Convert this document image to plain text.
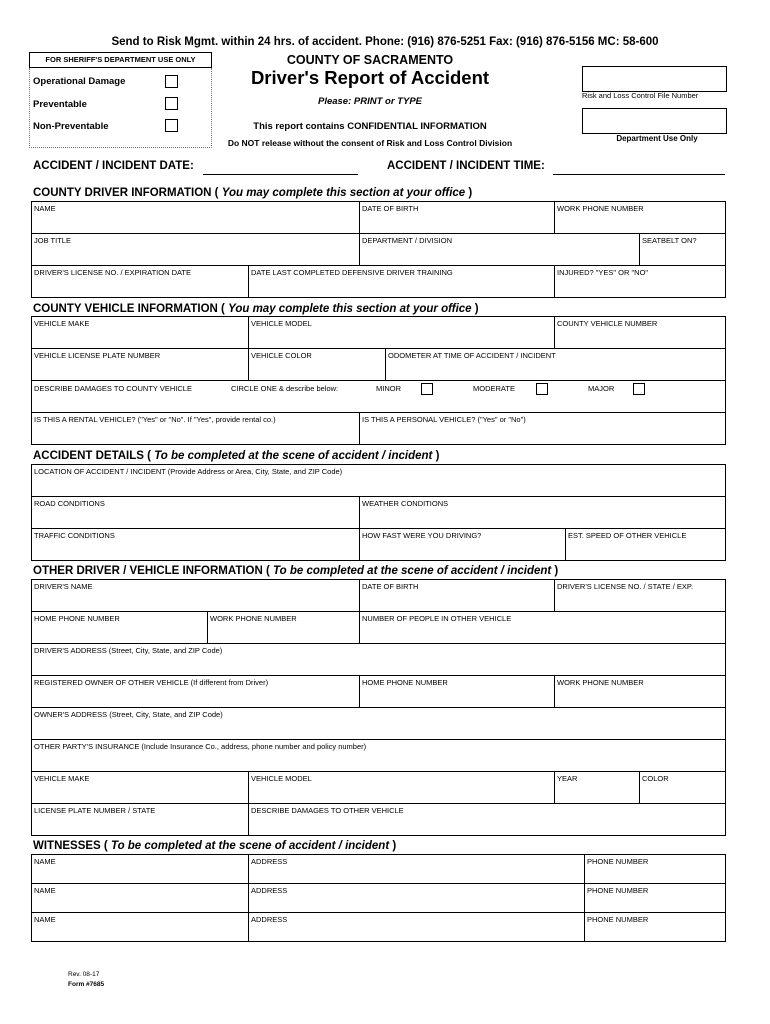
Send to Risk Mgmt. within 24 hrs. of accident. Phone: (916) 876-5251 Fax: (916) 876-5156 MC: 58-600
FOR SHERIFF'S DEPARTMENT USE ONLY
Operational Damage
Preventable
Non-Preventable
COUNTY OF SACRAMENTO
Driver's Report of Accident
Please: PRINT or TYPE
This report contains CONFIDENTIAL INFORMATION
Do NOT release without the consent of Risk and Loss Control Division
Risk and Loss Control File Number
Department Use Only
ACCIDENT / INCIDENT DATE:	ACCIDENT / INCIDENT TIME:
COUNTY DRIVER INFORMATION ( You may complete this section at your office )
NAME	DATE OF BIRTH	WORK PHONE NUMBER
JOB TITLE	DEPARTMENT / DIVISION	SEATBELT ON?
DRIVER'S LICENSE NO. / EXPIRATION DATE	DATE LAST COMPLETED DEFENSIVE DRIVER TRAINING	INJURED? "YES" OR "NO"
COUNTY VEHICLE INFORMATION ( You may complete this section at your office )
VEHICLE MAKE	VEHICLE MODEL	COUNTY VEHICLE NUMBER
VEHICLE LICENSE PLATE NUMBER	VEHICLE COLOR	ODOMETER AT TIME OF ACCIDENT / INCIDENT
DESCRIBE DAMAGES TO COUNTY VEHICLE	CIRCLE ONE & describe below:	MINOR	MODERATE	MAJOR
IS THIS A RENTAL VEHICLE? ("Yes" or "No". If "Yes", provide rental co.)	IS THIS A PERSONAL VEHICLE? ("Yes" or "No")
ACCIDENT DETAILS ( To be completed at the scene of accident / incident )
LOCATION OF ACCIDENT / INCIDENT (Provide Address or Area, City, State, and ZIP Code)
ROAD CONDITIONS	WEATHER CONDITIONS
TRAFFIC CONDITIONS	HOW FAST WERE YOU DRIVING?	EST. SPEED OF OTHER VEHICLE
OTHER DRIVER / VEHICLE INFORMATION ( To be completed at the scene of accident / incident )
DRIVER'S NAME	DATE OF BIRTH	DRIVER'S LICENSE NO. / STATE / EXP.
HOME PHONE NUMBER	WORK PHONE NUMBER	NUMBER OF PEOPLE IN OTHER VEHICLE
DRIVER'S ADDRESS (Street, City, State, and ZIP Code)
REGISTERED OWNER OF OTHER VEHICLE (If different from Driver)	HOME PHONE NUMBER	WORK PHONE NUMBER
OWNER'S ADDRESS (Street, City, State, and ZIP Code)
OTHER PARTY'S INSURANCE (Include Insurance Co., address, phone number and policy number)
VEHICLE MAKE	VEHICLE MODEL	YEAR	COLOR
LICENSE PLATE NUMBER / STATE	DESCRIBE DAMAGES TO OTHER VEHICLE
WITNESSES ( To be completed at the scene of accident / incident )
NAME	ADDRESS	PHONE NUMBER
NAME	ADDRESS	PHONE NUMBER
NAME	ADDRESS	PHONE NUMBER
Rev. 08-17
Form #7685
